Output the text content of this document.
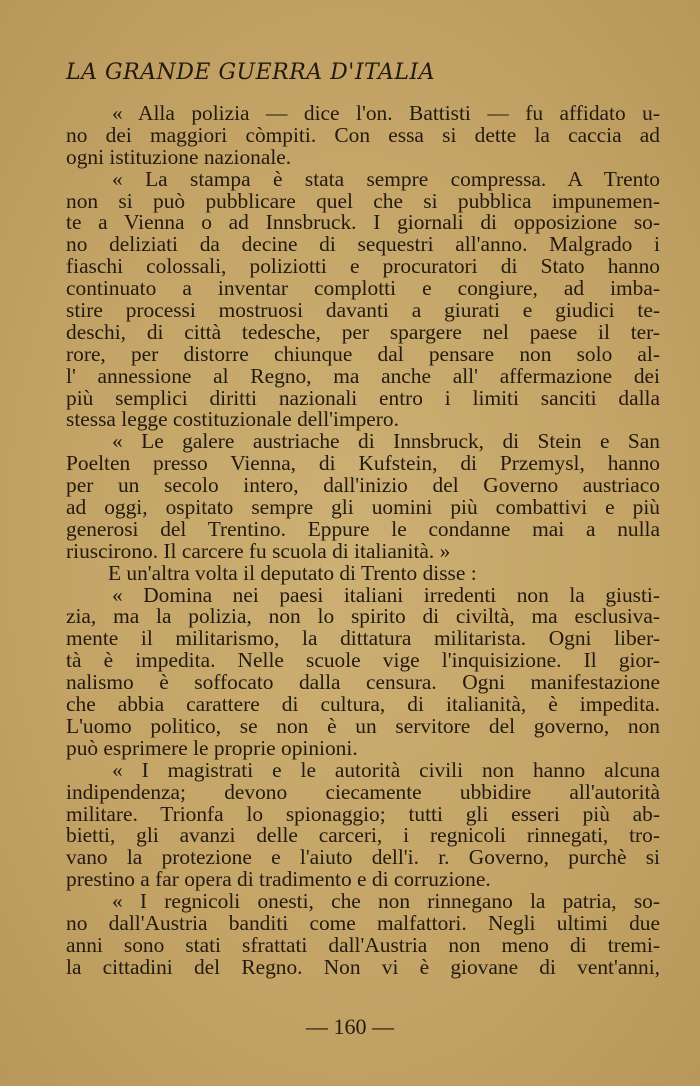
LA GRANDE GUERRA D'ITALIA
« Alla polizia — dice l'on. Battisti — fu affidato u-
no dei maggiori còmpiti. Con essa si dette la caccia ad
ogni istituzione nazionale.
« La stampa è stata sempre compressa. A Trento
non si può pubblicare quel che si pubblica impunemen-
te a Vienna o ad Innsbruck. I giornali di opposizione so-
no deliziati da decine di sequestri all'anno. Malgrado i
fiaschi colossali, poliziotti e procuratori di Stato hanno
continuato a inventar complotti e congiure, ad imba-
stire processi mostruosi davanti a giurati e giudici te-
deschi, di città tedesche, per spargere nel paese il ter-
rore, per distorre chiunque dal pensare non solo al-
l' annessione al Regno, ma anche all' affermazione dei
più semplici diritti nazionali entro i limiti sanciti dalla
stessa legge costituzionale dell'impero.
« Le galere austriache di Innsbruck, di Stein e San
Poelten presso Vienna, di Kufstein, di Przemysl, hanno
per un secolo intero, dall'inizio del Governo austriaco
ad oggi, ospitato sempre gli uomini più combattivi e più
generosi del Trentino. Eppure le condanne mai a nulla
riuscirono. Il carcere fu scuola di italianità. »
E un'altra volta il deputato di Trento disse :
« Domina nei paesi italiani irredenti non la giusti-
zia, ma la polizia, non lo spirito di civiltà, ma esclusiva-
mente il militarismo, la dittatura militarista. Ogni liber-
tà è impedita. Nelle scuole vige l'inquisizione. Il gior-
nalismo è soffocato dalla censura. Ogni manifestazione
che abbia carattere di cultura, di italianità, è impedita.
L'uomo politico, se non è un servitore del governo, non
può esprimere le proprie opinioni.
« I magistrati e le autorità civili non hanno alcuna
indipendenza; devono ciecamente ubbidire all'autorità
militare. Trionfa lo spionaggio; tutti gli esseri più ab-
bietti, gli avanzi delle carceri, i regnicoli rinnegati, tro-
vano la protezione e l'aiuto dell'i. r. Governo, purchè si
prestino a far opera di tradimento e di corruzione.
« I regnicoli onesti, che non rinnegano la patria, so-
no dall'Austria banditi come malfattori. Negli ultimi due
anni sono stati sfrattati dall'Austria non meno di tremi-
la cittadini del Regno. Non vi è giovane di vent'anni,
— 160 —
